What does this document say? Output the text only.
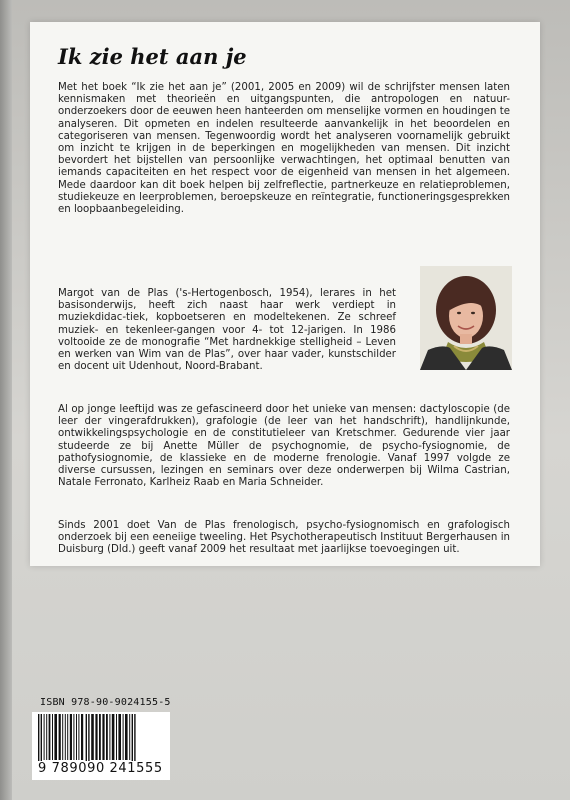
Ik zie het aan je

Met het boek “Ik zie het aan je” (2001, 2005 en 2009) wil de schrijfster mensen laten kennismaken met theorieën en uitgangspunten, die antropologen en natuur-onderzoekers door de eeuwen heen hanteerden om menselijke vormen en houdingen te analyseren. Dit opmeten en indelen resulteerde aanvankelijk in het beoordelen en categoriseren van mensen. Tegenwoordig wordt het analyseren voornamelijk gebruikt om inzicht te krijgen in de beperkingen en mogelijkheden van mensen. Dit inzicht bevordert het bijstellen van persoonlijke verwachtingen, het optimaal benutten van iemands capaciteiten en het respect voor de eigenheid van mensen in het algemeen. Mede daardoor kan dit boek helpen bij zelfreflectie, partnerkeuze en relatieproblemen, studiekeuze en leerproblemen, beroepskeuze en reïntegratie, functioneringsgesprekken en loopbaanbegeleiding.

Margot van de Plas ('s-Hertogenbosch, 1954), lerares in het basisonderwijs, heeft zich naast haar werk verdiept in muziekdidac-tiek, kopboetseren en modeltekenen. Ze schreef muziek- en tekenleer-gangen voor 4- tot 12-jarigen. In 1986 voltooide ze de monografie “Met hardnekkige stelligheid – Leven en werken van Wim van de Plas”, over haar vader, kunstschilder en docent uit Udenhout, Noord-Brabant.

Al op jonge leeftijd was ze gefascineerd door het unieke van mensen: dactyloscopie (de leer der vingerafdrukken), grafologie (de leer van het handschrift), handlijnkunde, ontwikkelingspsychologie en de constitutieleer van Kretschmer. Gedurende vier jaar studeerde ze bij Anette Müller de psychognomie, de psycho-fysiognomie, de pathofysiognomie, de klassieke en de moderne frenologie. Vanaf 1997 volgde ze diverse cursussen, lezingen en seminars over deze onderwerpen bij Wilma Castrian, Natale Ferronato, Karlheiz Raab en Maria Schneider.

Sinds 2001 doet Van de Plas frenologisch, psycho-fysiognomisch en grafologisch onderzoek bij een eeneiige tweeling. Het Psychotherapeutisch Instituut Bergerhausen in Duisburg (Dld.) geeft vanaf 2009 het resultaat met jaarlijkse toevoegingen uit.

ISBN 978-90-9024155-5
9 789090 241555
